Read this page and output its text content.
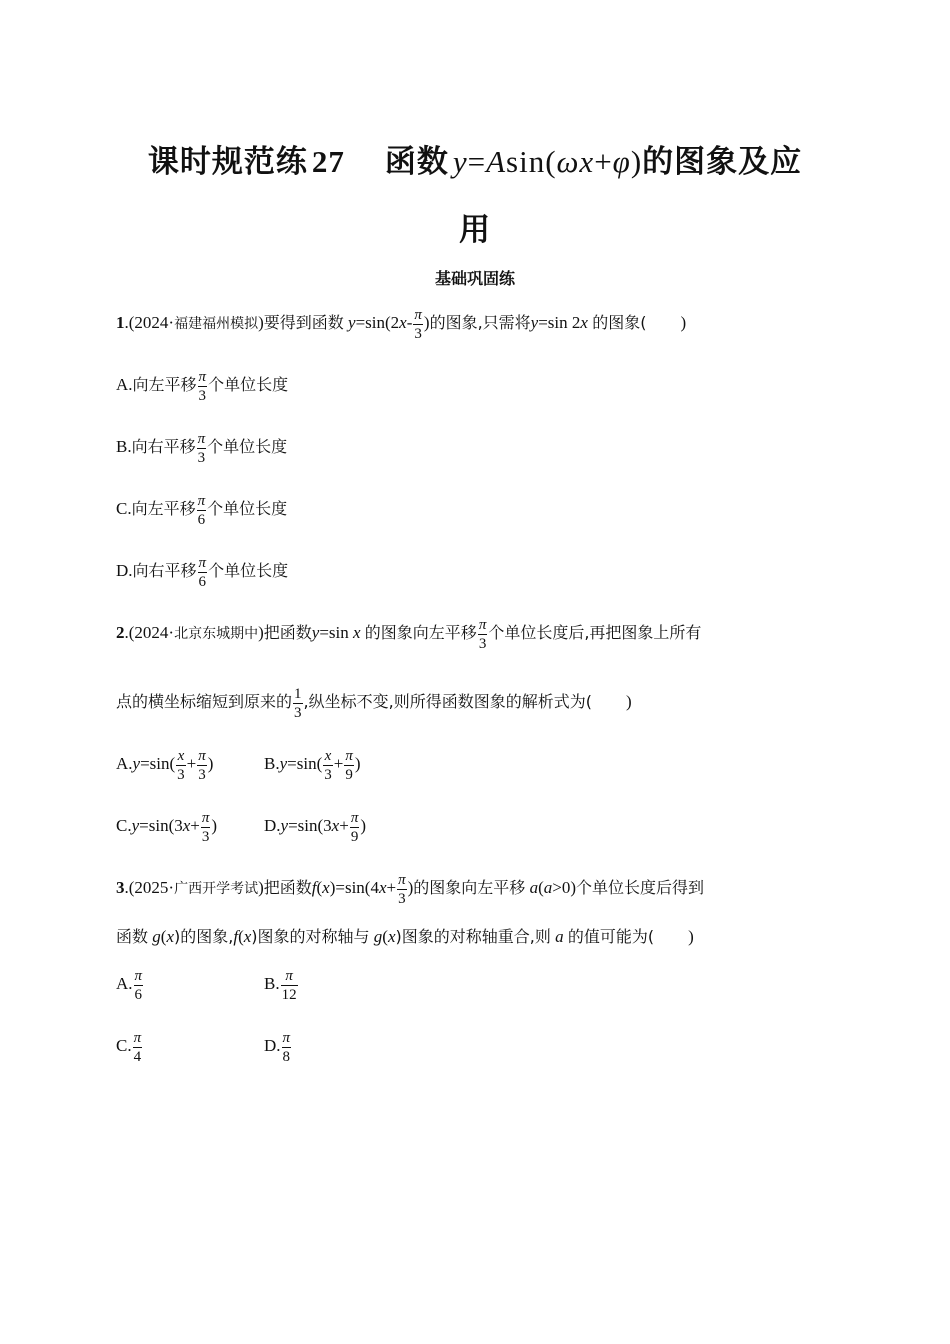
课时规范练 27 函数 y=Asin(ωx+φ)的图象及应
用
基础巩固练
1.(2024·福建福州模拟)要得到函数 $y=\sin(2x- \frac{\pi}{3}$ )的图象,只需将y=sin 2x 的图象( )
A.向左平移 $\frac{\pi}{3}$ 个单位长度
B.向右平移 $\frac{\pi}{3}$ 个单位长度
C.向左平移 $\frac{\pi}{6}$ 个单位长度
D.向右平移 $\frac{\pi}{6}$ 个单位长度
2.(2024·北京东城期中)把函数y=sin x 的图象向左平移 $\frac{\pi}{3}$ 个单位长度后,再把图象上所有
点的横坐标缩短到原来的 $\frac{1}{3}$ ,纵坐标不变,则所得函数图象的解析式为( )
$A.y=\sin( \frac{x}{3} + \frac{\pi}{3}$ )	$B.y=\sin( \frac{x}{3} + \frac{\pi}{9}$ )
$C.y=\sin(3x+ \frac{\pi}{3}$ )	$D.y=\sin(3x+ \frac{\pi}{9}$ )
3.(2025·广西开学考试)把函数$f(x)=\sin(4x+ \frac{\pi}{3}$ )的图象向左平移 a(a>0)个单位长度后得到
函数 g(x)的图象,f(x)图象的对称轴与 g(x)图象的对称轴重合,则 a 的值可能为( )
A. $\frac{\pi}{6}$	B. $\frac{\pi}{12}$
C. $\frac{\pi}{4}$	D. $\frac{\pi}{8}$
